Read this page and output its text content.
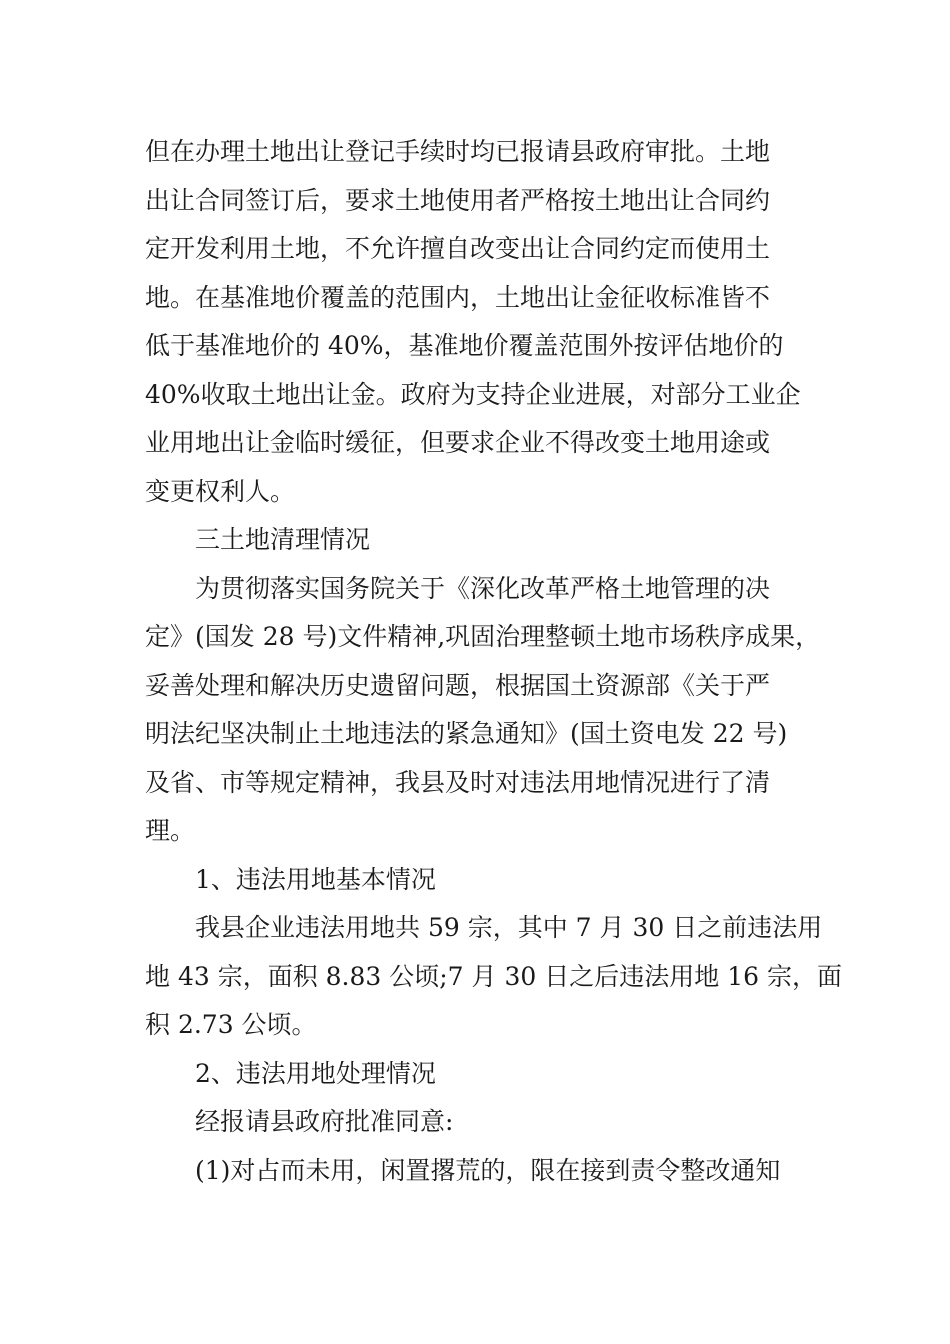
但在办理土地出让登记手续时均已报请县政府审批。土地
出让合同签订后，要求土地使用者严格按土地出让合同约
定开发利用土地，不允许擅自改变出让合同约定而使用土
地。在基准地价覆盖的范围内，土地出让金征收标准皆不
低于基准地价的 40%，基准地价覆盖范围外按评估地价的
40%收取土地出让金。政府为支持企业进展，对部分工业企
业用地出让金临时缓征，但要求企业不得改变土地用途或
变更权利人。
三土地清理情况
为贯彻落实国务院关于《深化改革严格土地管理的决
定》(国发 28 号)文件精神,巩固治理整顿土地市场秩序成果，
妥善处理和解决历史遗留问题，根据国土资源部《关于严
明法纪坚决制止土地违法的紧急通知》(国土资电发 22 号)
及省、市等规定精神，我县及时对违法用地情况进行了清
理。
1、违法用地基本情况
我县企业违法用地共 59 宗，其中 7 月 30 日之前违法用
地 43 宗，面积 8.83 公顷;7 月 30 日之后违法用地 16 宗，面
积 2.73 公顷。
2、违法用地处理情况
经报请县政府批准同意:
(1)对占而未用，闲置撂荒的，限在接到责令整改通知
